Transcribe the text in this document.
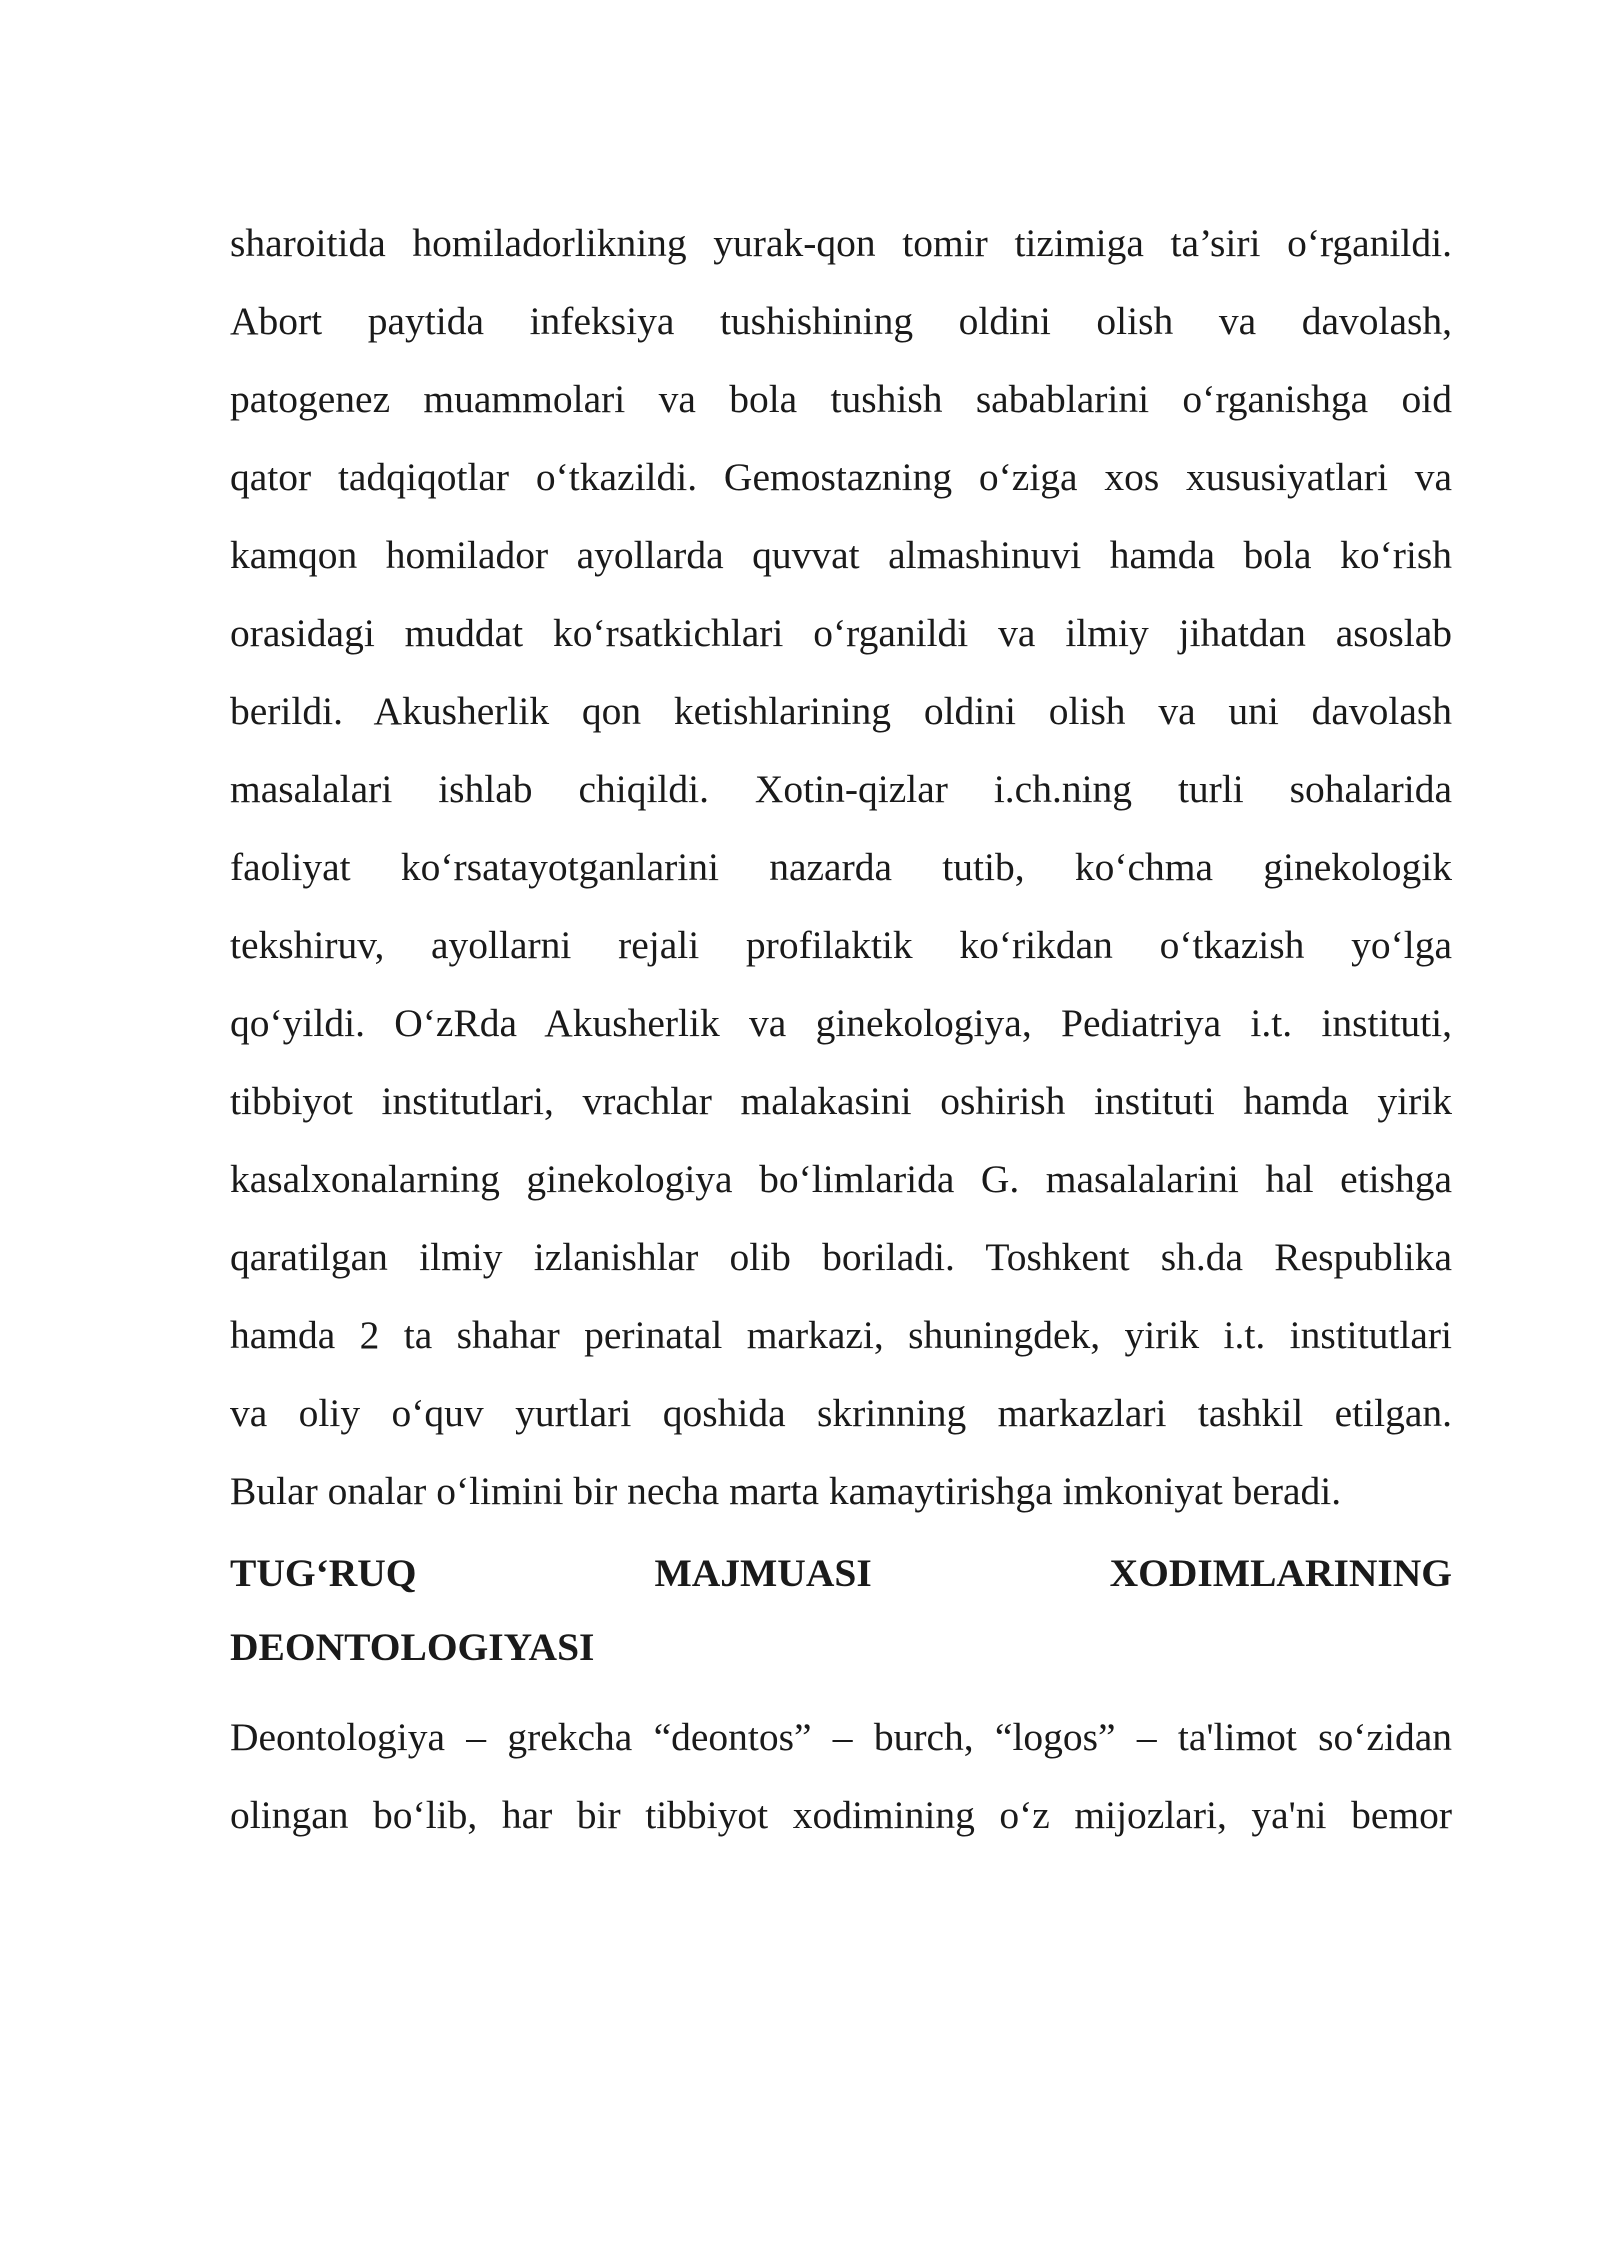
sharoitida homiladorlikning yurak-qon tomir tizimiga ta’siri oʻrganildi.
Abort paytida infeksiya tushishining oldini olish va davolash,
patogenez muammolari va bola tushish sabablarini oʻrganishga oid
qator tadqiqotlar oʻtkazildi. Gemostazning oʻziga xos xususiyatlari va
kamqon homilador ayollarda quvvat almashinuvi hamda bola koʻrish
orasidagi muddat koʻrsatkichlari oʻrganildi va ilmiy jihatdan asoslab
berildi. Akusherlik qon ketishlarining oldini olish va uni davolash
masalalari ishlab chiqildi. Xotin-qizlar i.ch.ning turli sohalarida
faoliyat koʻrsatayotganlarini nazarda tutib, koʻchma ginekologik
tekshiruv, ayollarni rejali profilaktik koʻrikdan oʻtkazish yoʻlga
qoʻyildi. OʻzRda Akusherlik va ginekologiya, Pediatriya i.t. instituti,
tibbiyot institutlari, vrachlar malakasini oshirish instituti hamda yirik
kasalxonalarning ginekologiya boʻlimlarida G. masalalarini hal etishga
qaratilgan ilmiy izlanishlar olib boriladi. Toshkent sh.da Respublika
hamda 2 ta shahar perinatal markazi, shuningdek, yirik i.t. institutlari
va oliy oʻquv yurtlari qoshida skrinning markazlari tashkil etilgan.
Bular onalar oʻlimini bir necha marta kamaytirishga imkoniyat beradi.
TUGʻRUQ MAJMUASI XODIMLARINING
DEONTOLOGIYASI
Deontologiya – grekcha “deontos” – burch, “logos” – ta'limot soʻzidan
olingan boʻlib, har bir tibbiyot xodimining oʻz mijozlari, ya'ni bemor
